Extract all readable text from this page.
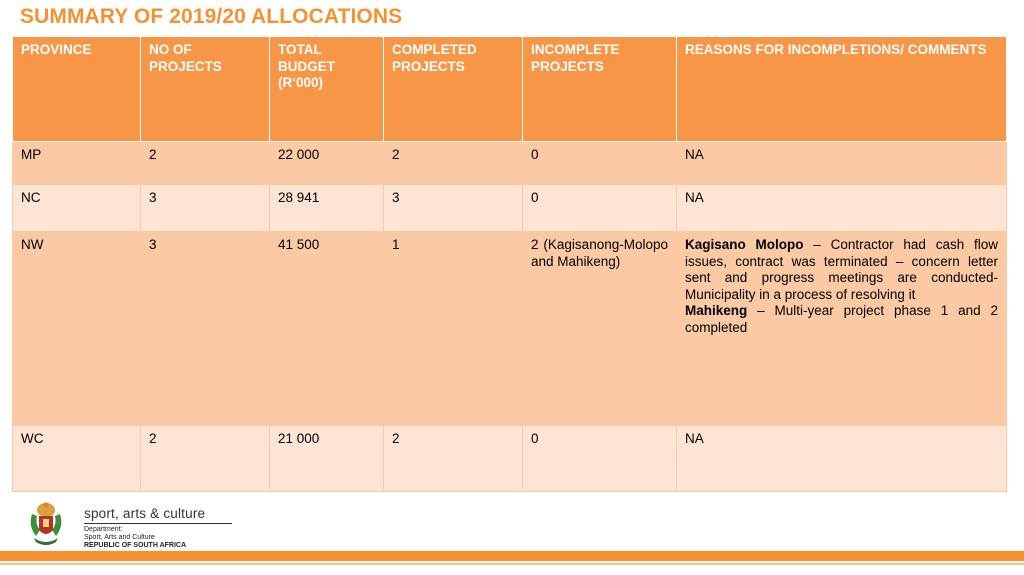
SUMMARY OF 2019/20 ALLOCATIONS
PROVINCE	NO OF PROJECTS	TOTAL BUDGET (R‘000)	COMPLETED PROJECTS	INCOMPLETE PROJECTS	REASONS FOR INCOMPLETIONS/ COMMENTS
MP	2	22 000	2	0	NA
NC	3	28 941	3	0	NA
NW	3	41 500	1	2 (Kagisanong-Molopo and Mahikeng)	Kagisano Molopo – Contractor had cash flow issues, contract was terminated – concern letter sent and progress meetings are conducted- Municipality in a process of resolving it
Mahikeng – Multi-year project phase 1 and 2 completed

WC	2	21 000	2	0	NA
sport, arts & culture
Department:
Sport, Arts and Culture
REPUBLIC OF SOUTH AFRICA
